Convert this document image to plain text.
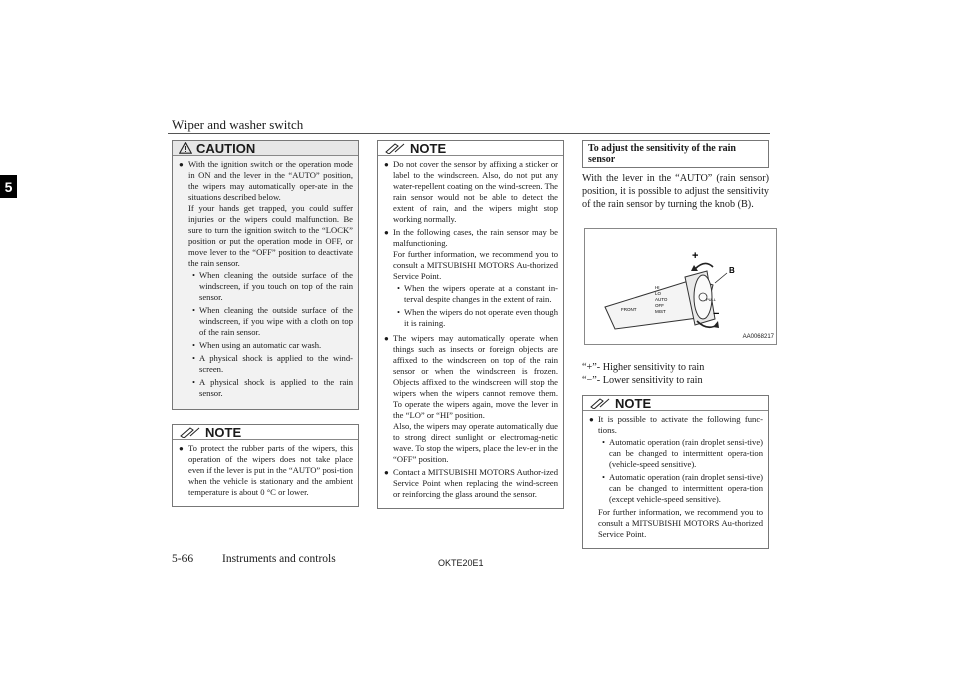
Wiper and washer switch
5
CAUTION
● With the ignition switch or the operation mode in ON and the lever in the “AUTO” position, the wipers may automatically oper-ate in the situations described below.
If your hands get trapped, you could suffer injuries or the wipers could malfunction. Be sure to turn the ignition switch to the “LOCK” position or put the operation mode in OFF, or move lever to the “OFF” position to deactivate the rain sensor.
• When cleaning the outside surface of the windscreen, if you touch on top of the rain sensor.
• When cleaning the outside surface of the windscreen, if you wipe with a cloth on top of the rain sensor.
• When using an automatic car wash.
• A physical shock is applied to the wind-screen.
• A physical shock is applied to the rain sensor.
NOTE
● To protect the rubber parts of the wipers, this operation of the wipers does not take place even if the lever is put in the “AUTO” posi-tion when the vehicle is stationary and the ambient temperature is about 0 °C or lower.
NOTE
● Do not cover the sensor by affixing a sticker or label to the windscreen. Also, do not put any water-repellent coating on the wind-screen. The rain sensor would not be able to detect the extent of rain, and the wipers might stop working normally.
● In the following cases, the rain sensor may be malfunctioning.
For further information, we recommend you to consult a MITSUBISHI MOTORS Au-thorized Service Point.
• When the wipers operate at a constant in-terval despite changes in the extent of rain.
• When the wipers do not operate even though it is raining.
● The wipers may automatically operate when things such as insects or foreign objects are affixed to the windscreen on top of the rain sensor or when the windscreen is frozen. Objects affixed to the windscreen will stop the wipers when the wipers cannot remove them. To operate the wipers again, move the lever in the “LO” or “HI” position.
Also, the wipers may operate automatically due to strong direct sunlight or electromag-netic wave. To stop the wipers, place the lev-er in the “OFF” position.
● Contact a MITSUBISHI MOTORS Author-ized Service Point when replacing the wind-screen or reinforcing the glass around the sensor.
To adjust the sensitivity of the rain sensor
With the lever in the “AUTO” (rain sensor) position, it is possible to adjust the sensitivity of the rain sensor by turning the knob (B).
+
−
B
PULL
HI
LO
AUTO
OFF
MIST
FRONT
AA0068217
“+”- Higher sensitivity to rain
“−”- Lower sensitivity to rain
NOTE
● It is possible to activate the following func-tions.
• Automatic operation (rain droplet sensi-tive) can be changed to intermittent opera-tion (vehicle-speed sensitive).
• Automatic operation (rain droplet sensi-tive) can be changed to intermittent opera-tion (except vehicle-speed sensitive).
For further information, we recommend you to consult a MITSUBISHI MOTORS Au-thorized Service Point.
5-66	Instruments and controls	OKTE20E1
